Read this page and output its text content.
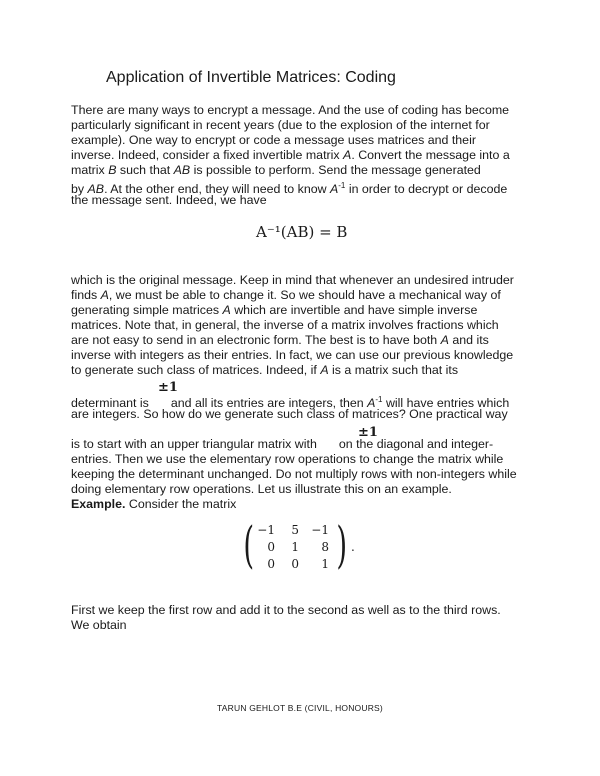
Application of Invertible Matrices: Coding
There are many ways to encrypt a message. And the use of coding has become
particularly significant in recent years (due to the explosion of the internet for
example). One way to encrypt or code a message uses matrices and their
inverse. Indeed, consider a fixed invertible matrix A. Convert the message into a
matrix B such that AB is possible to perform. Send the message generated
by AB. At the other end, they will need to know $A^{-1}$ in order to decrypt or decode
the message sent. Indeed, we have
A⁻¹(AB) = B
which is the original message. Keep in mind that whenever an undesired intruder
finds A, we must be able to change it. So we should have a mechanical way of
generating simple matrices A which are invertible and have simple inverse
matrices. Note that, in general, the inverse of a matrix involves fractions which
are not easy to send in an electronic form. The best is to have both A and its
inverse with integers as their entries. In fact, we can use our previous knowledge
to generate such class of matrices. Indeed, if A is a matrix such that its
±1
determinant is and all its entries are integers, then $A^{-1}$ will have entries which
are integers. So how do we generate such class of matrices? One practical way
±1
is to start with an upper triangular matrix with on the diagonal and integer-
entries. Then we use the elementary row operations to change the matrix while
keeping the determinant unchanged. Do not multiply rows with non-integers while
doing elementary row operations. Let us illustrate this on an example.
Example. Consider the matrix
( −1	5	−1
0	1	8
0	0	1 ) .
First we keep the first row and add it to the second as well as to the third rows.
We obtain
TARUN GEHLOT B.E (CIVIL, HONOURS)
